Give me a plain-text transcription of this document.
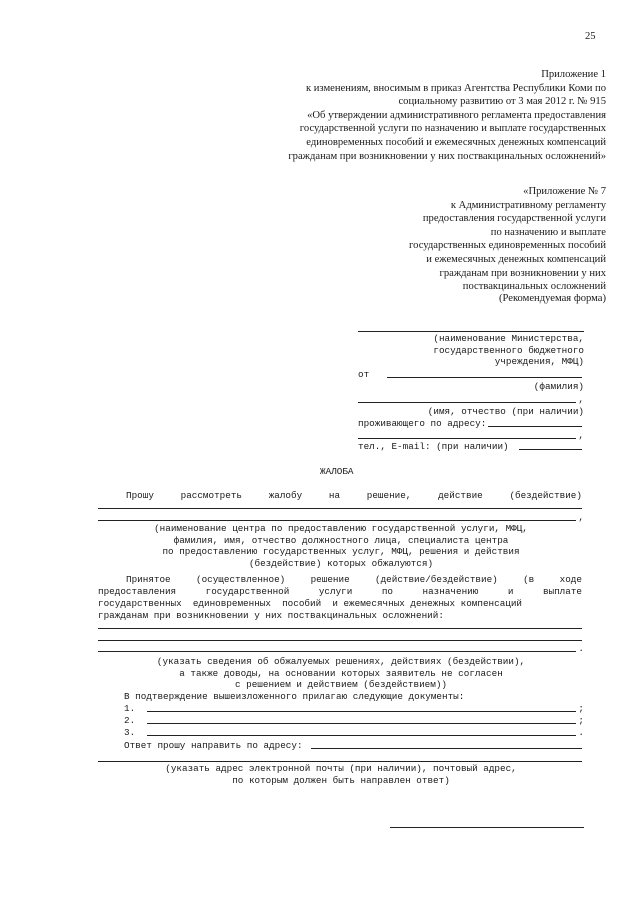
25
Приложение 1
к изменениям, вносимым в приказ Агентства Республики Коми по
социальному развитию от 3 мая 2012 г. № 915
«Об утверждении административного регламента предоставления
государственной услуги по назначению и выплате государственных
единовременных пособий и ежемесячных денежных компенсаций
гражданам при возникновении у них поствакцинальных осложнений»
«Приложение № 7
к Административному регламенту
предоставления государственной услуги
по назначению и выплате
государственных единовременных пособий
и ежемесячных денежных компенсаций
гражданам при возникновении у них
поствакцинальных осложнений
(Рекомендуемая форма)
(наименование Министерства,
государственного бюджетного
учреждения, МФЦ)
от
(фамилия)
,
(имя, отчество (при наличии)
проживающего по адресу:
,
тел., E-mail: (при наличии)
ЖАЛОБА
Прошу	рассмотреть	жалобу	на	решение,	действие	(бездействие)
,
(наименование центра по предоставлению государственной услуги, МФЦ,
фамилия, имя, отчество должностного лица, специалиста центра
по предоставлению государственных услуг, МФЦ, решения и действия
(бездействие) которых обжалуются)
Принятое	(осуществленное)	решение	(действие/бездействие)	(в	ходе
предоставления	государственной	услуги	по	назначению	и	выплате
государственных  единовременных  пособий  и ежемесячных денежных компенсаций
гражданам при возникновении у них поствакцинальных осложнений:
.
(указать сведения об обжалуемых решениях, действиях (бездействии),
а также доводы, на основании которых заявитель не согласен
с решением и действием (бездействием))
В подтверждение вышеизложенного прилагаю следующие документы:
1.	;
2.	;
3.	.
Ответ прошу направить по адресу:
(указать адрес электронной почты (при наличии), почтовый адрес,
по которым должен быть направлен ответ)
